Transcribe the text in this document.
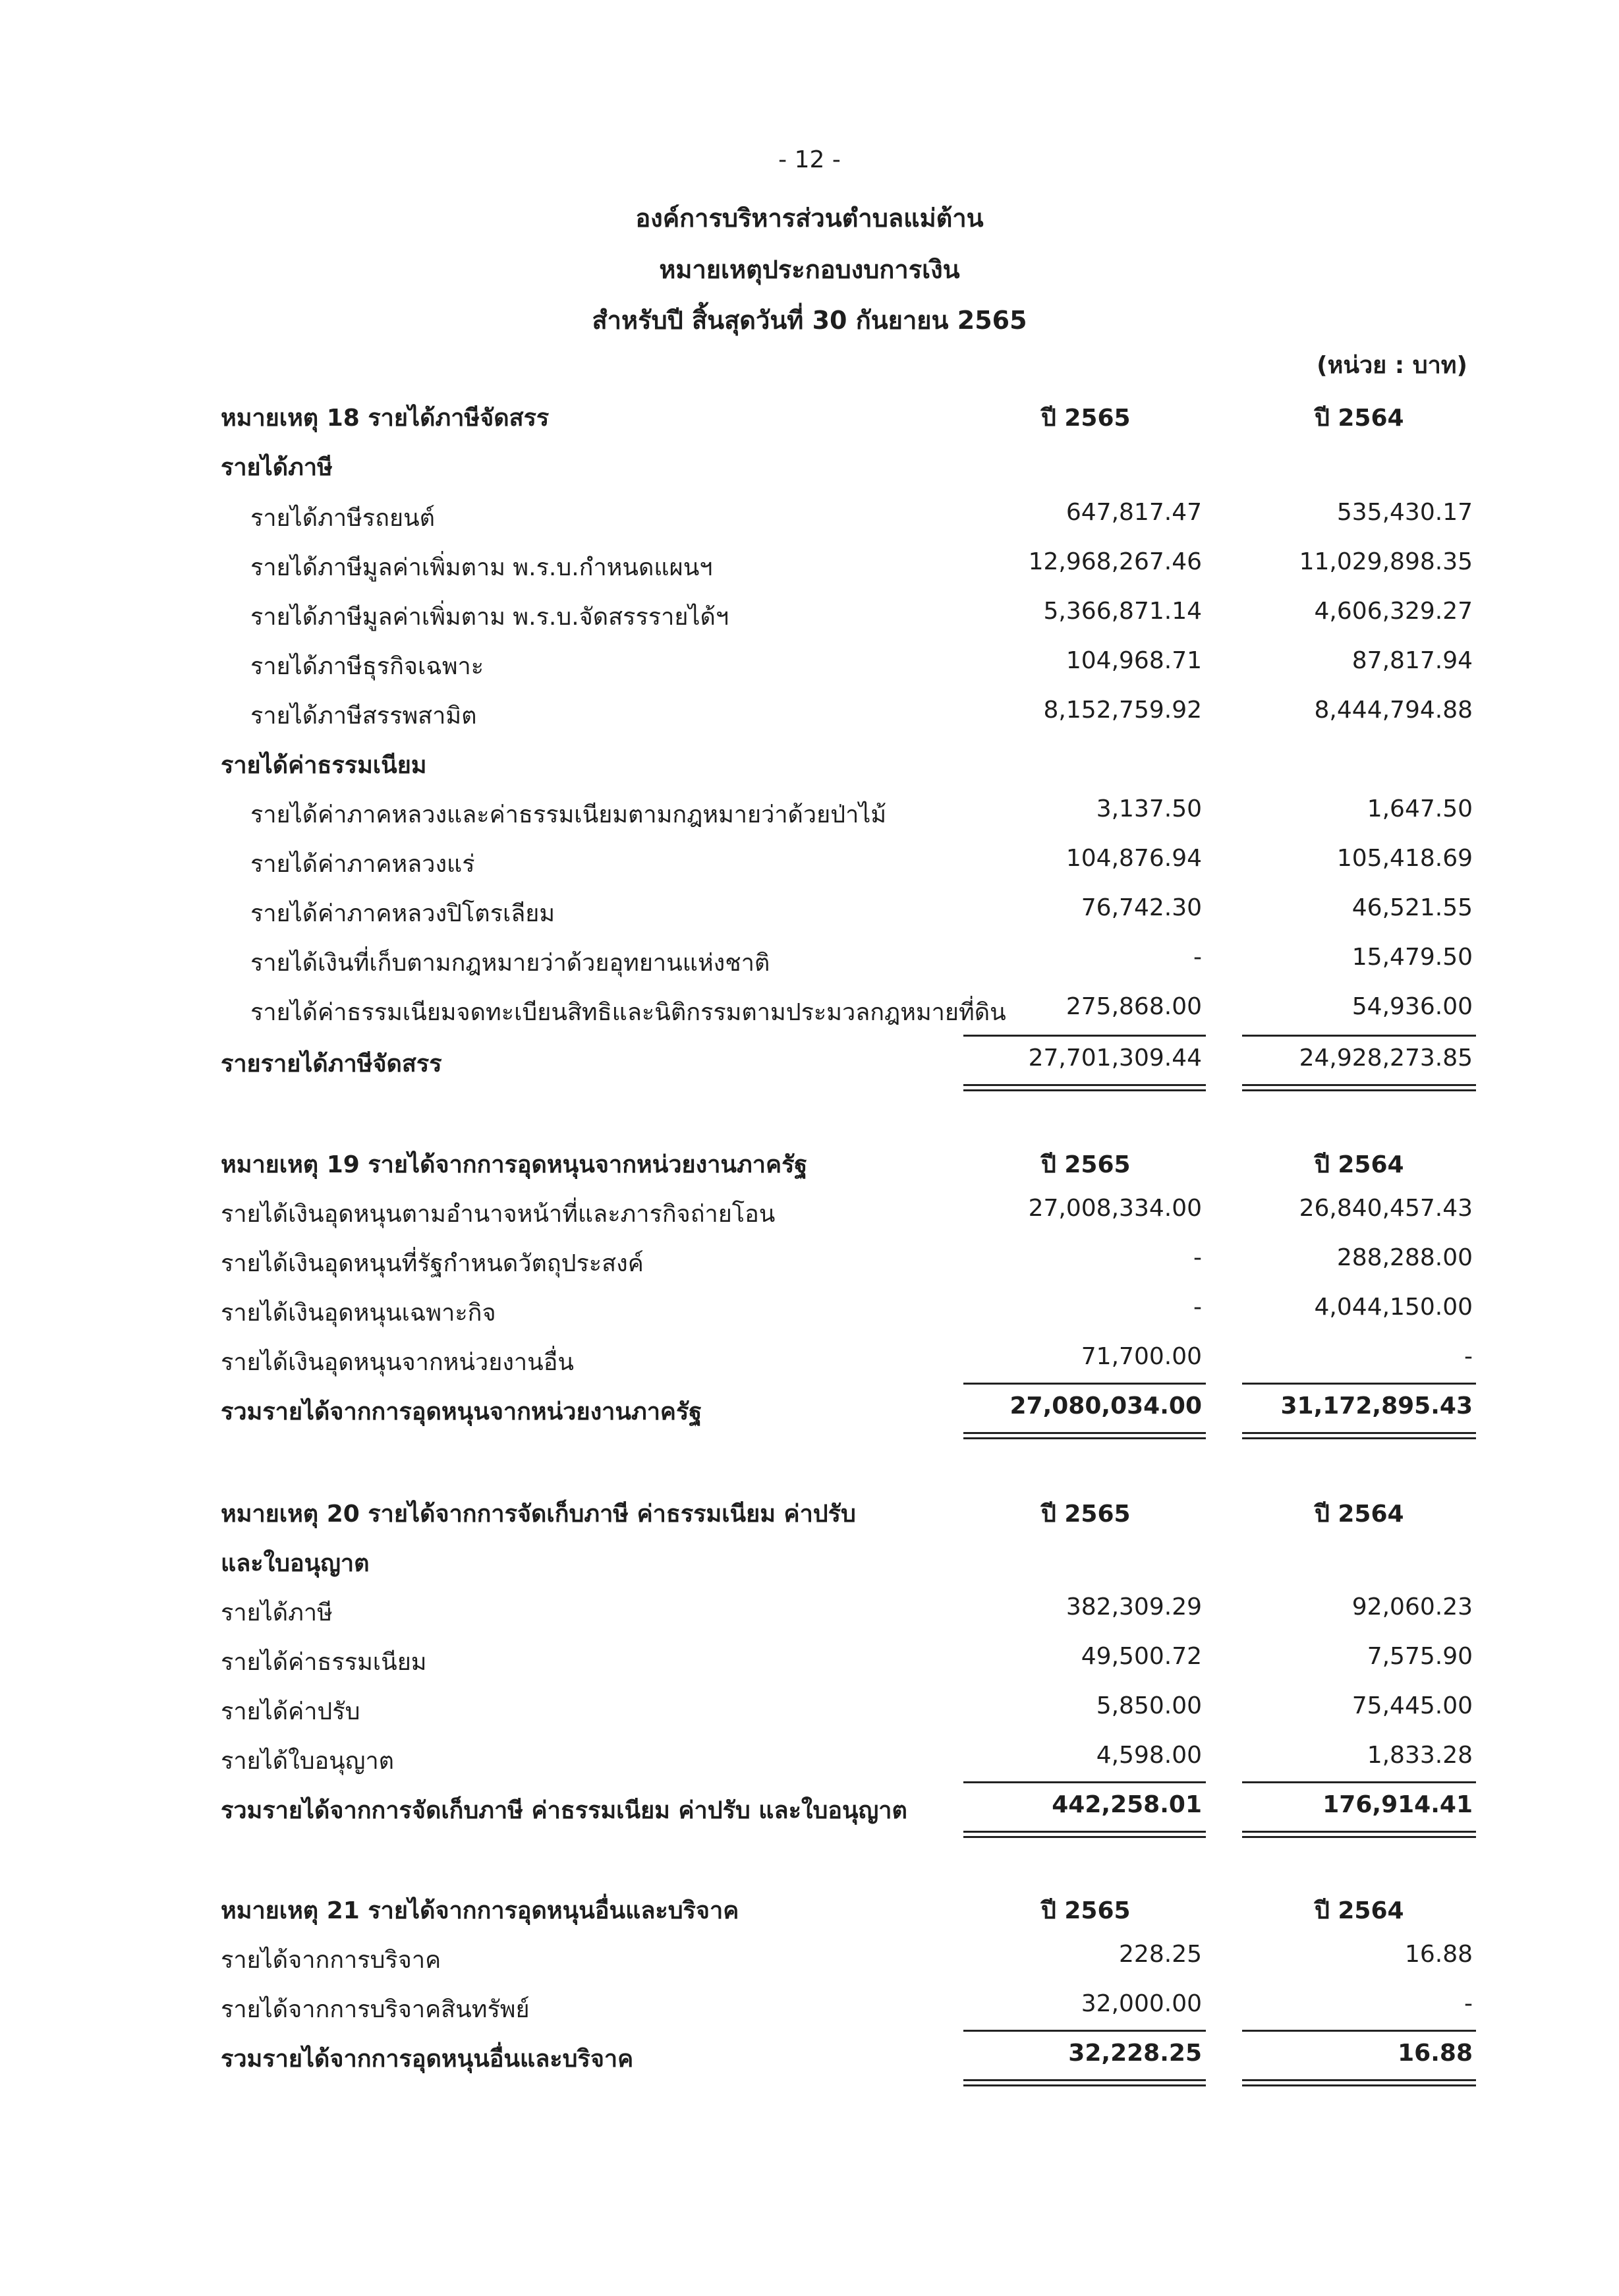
- 12 -
องค์การบริหารส่วนตำบลแม่ต้าน
หมายเหตุประกอบงบการเงิน
สำหรับปี สิ้นสุดวันที่ 30 กันยายน 2565
(หน่วย : บาท)
หมายเหตุ 18 รายได้ภาษีจัดสรร	ปี 2565	ปี 2564
รายได้ภาษี
รายได้ภาษีรถยนต์	647,817.47	535,430.17
รายได้ภาษีมูลค่าเพิ่มตาม พ.ร.บ.กำหนดแผนฯ	12,968,267.46	11,029,898.35
รายได้ภาษีมูลค่าเพิ่มตาม พ.ร.บ.จัดสรรรายได้ฯ	5,366,871.14	4,606,329.27
รายได้ภาษีธุรกิจเฉพาะ	104,968.71	87,817.94
รายได้ภาษีสรรพสามิต	8,152,759.92	8,444,794.88
รายได้ค่าธรรมเนียม
รายได้ค่าภาคหลวงและค่าธรรมเนียมตามกฎหมายว่าด้วยป่าไม้	3,137.50	1,647.50
รายได้ค่าภาคหลวงแร่	104,876.94	105,418.69
รายได้ค่าภาคหลวงปิโตรเลียม	76,742.30	46,521.55
รายได้เงินที่เก็บตามกฎหมายว่าด้วยอุทยานแห่งชาติ	-	15,479.50
รายได้ค่าธรรมเนียมจดทะเบียนสิทธิและนิติกรรมตามประมวลกฎหมายที่ดิน	275,868.00	54,936.00
รายรายได้ภาษีจัดสรร	27,701,309.44	24,928,273.85
หมายเหตุ 19 รายได้จากการอุดหนุนจากหน่วยงานภาครัฐ	ปี 2565	ปี 2564
รายได้เงินอุดหนุนตามอำนาจหน้าที่และภารกิจถ่ายโอน	27,008,334.00	26,840,457.43
รายได้เงินอุดหนุนที่รัฐกำหนดวัตถุประสงค์	-	288,288.00
รายได้เงินอุดหนุนเฉพาะกิจ	-	4,044,150.00
รายได้เงินอุดหนุนจากหน่วยงานอื่น	71,700.00	-
รวมรายได้จากการอุดหนุนจากหน่วยงานภาครัฐ	27,080,034.00	31,172,895.43
หมายเหตุ 20 รายได้จากการจัดเก็บภาษี ค่าธรรมเนียม ค่าปรับ	ปี 2565	ปี 2564
และใบอนุญาต
รายได้ภาษี	382,309.29	92,060.23
รายได้ค่าธรรมเนียม	49,500.72	7,575.90
รายได้ค่าปรับ	5,850.00	75,445.00
รายได้ใบอนุญาต	4,598.00	1,833.28
รวมรายได้จากการจัดเก็บภาษี ค่าธรรมเนียม ค่าปรับ และใบอนุญาต	442,258.01	176,914.41
หมายเหตุ 21 รายได้จากการอุดหนุนอื่นและบริจาค	ปี 2565	ปี 2564
รายได้จากการบริจาค	228.25	16.88
รายได้จากการบริจาคสินทรัพย์	32,000.00	-
รวมรายได้จากการอุดหนุนอื่นและบริจาค	32,228.25	16.88
